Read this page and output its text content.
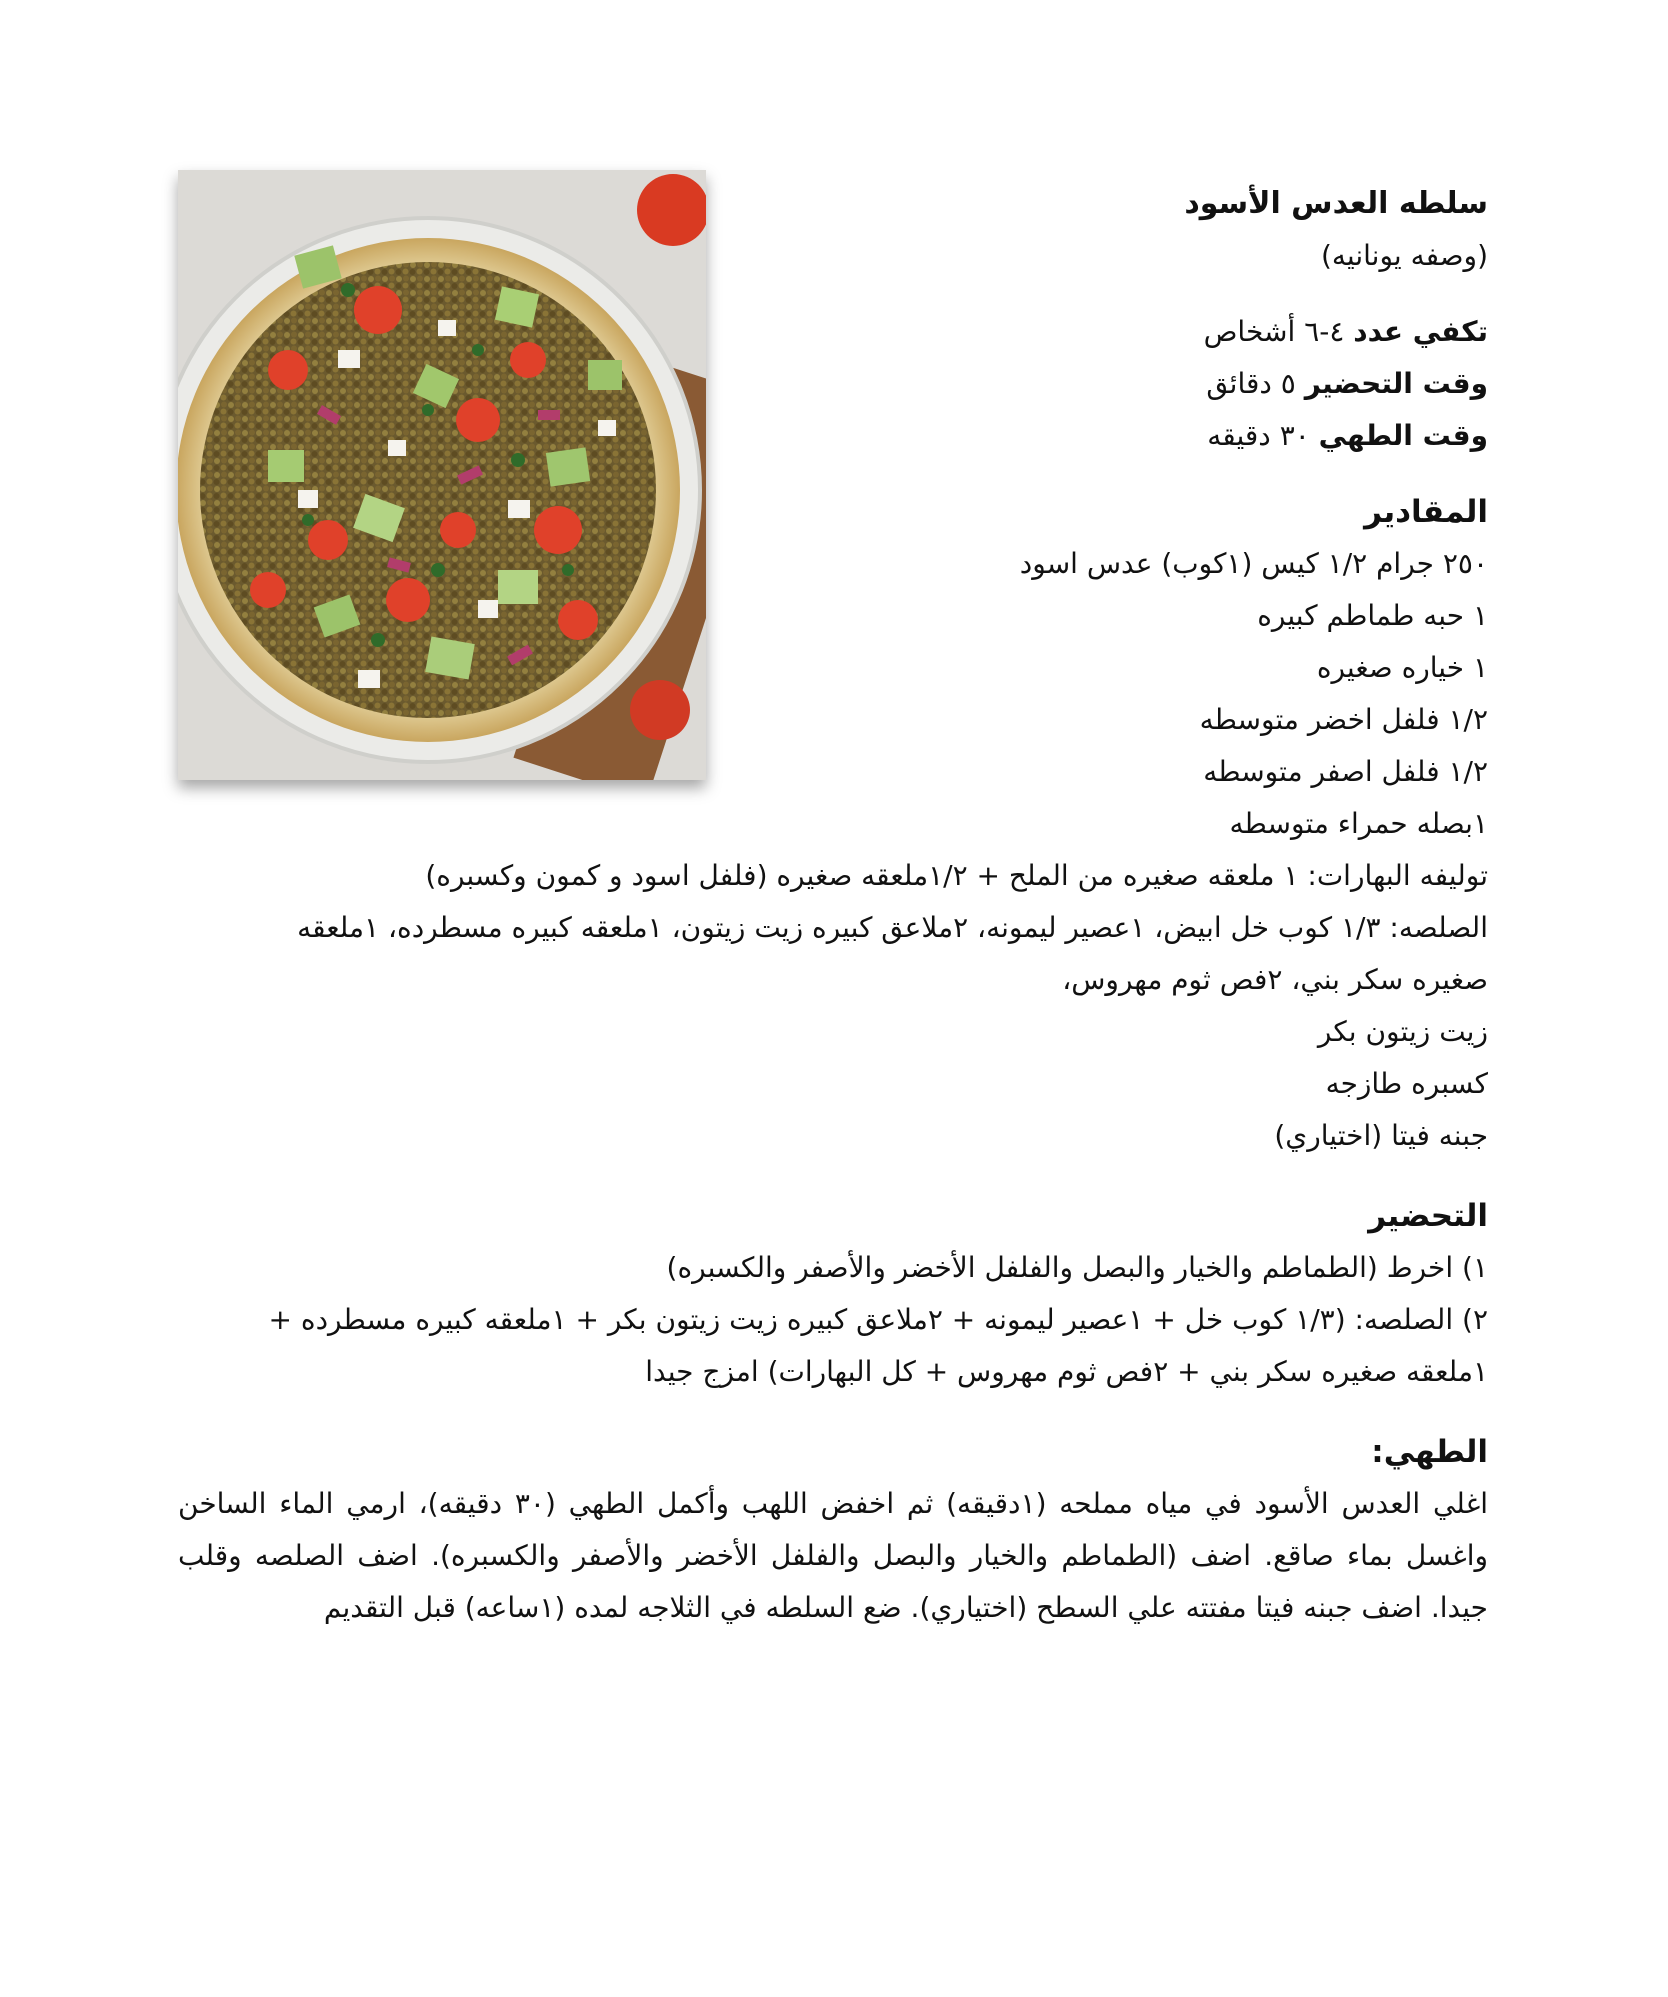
سلطه العدس الأسود
(وصفه يونانيه)
تكفي عدد ٤-٦ أشخاص
وقت التحضير ٥ دقائق
وقت الطهي ٣٠ دقيقه
المقادير
٢٥٠ جرام ١/٢ كيس (١كوب) عدس اسود
١ حبه طماطم كبيره
١ خياره صغيره
١/٢ فلفل اخضر متوسطه
١/٢ فلفل اصفر متوسطه
١بصله حمراء متوسطه
توليفه البهارات: ١ ملعقه صغيره من الملح + ١/٢ملعقه صغيره (فلفل اسود و كمون وكسبره)
الصلصه: ١/٣ كوب خل ابيض، ١عصير ليمونه، ٢ملاعق كبيره زيت زيتون، ١ملعقه كبيره مسطرده، ١ملعقه
صغيره سكر بني، ٢فص ثوم مهروس،
زيت زيتون بكر
كسبره طازجه
جبنه فيتا (اختياري)
التحضير
١) اخرط (الطماطم والخيار والبصل والفلفل الأخضر والأصفر والكسبره)
٢) الصلصه: (١/٣ كوب خل + ١عصير ليمونه + ٢ملاعق كبيره زيت زيتون بكر + ١ملعقه كبيره مسطرده +
١ملعقه صغيره سكر بني + ٢فص ثوم مهروس + كل البهارات) امزج جيدا
الطهي:
اغلي العدس الأسود في مياه مملحه (١دقيقه) ثم اخفض اللهب وأكمل الطهي (٣٠ دقيقه)، ارمي الماء الساخن واغسل بماء صاقع. اضف (الطماطم والخيار والبصل والفلفل الأخضر والأصفر والكسبره). اضف الصلصه وقلب جيدا. اضف جبنه فيتا مفتته علي السطح (اختياري). ضع السلطه في الثلاجه لمده (١ساعه) قبل التقديم
